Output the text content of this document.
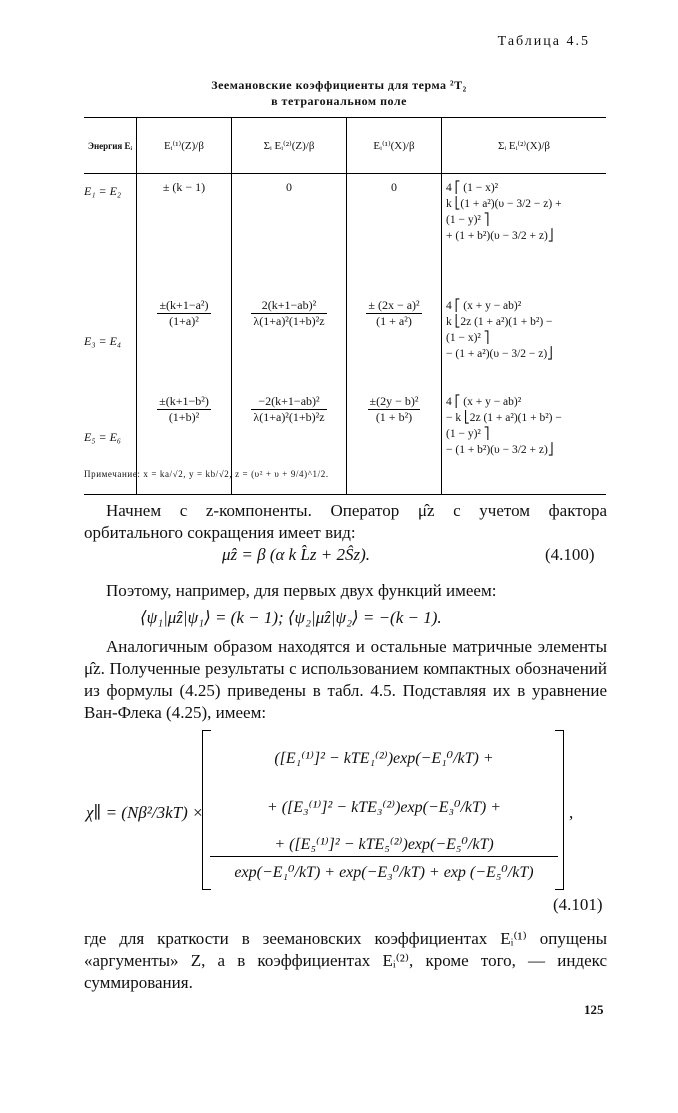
Таблица 4.5
Зеемановские коэффициенты для терма ²T₂
в тетрагональном поле
Энергия Eᵢ	Eᵢ⁽¹⁾(Z)/β	Σᵢ Eᵢ⁽²⁾(Z)/β	Eᵢ⁽¹⁾(X)/β	Σᵢ Eᵢ⁽²⁾(X)/β

E₁ = E₂	± (k − 1)	0	0	4 ⎡ (1 − x)²
k ⎣(1 + a²)(υ − 3/2 − z) +
(1 − y)² ⎤
+ (1 + b²)(υ − 3/2 + z)⎦

E₃ = E₄	$\frac{\text{±(k+1−a²)}}{\text{(1+a)²}}$	$\frac{\text{2(k+1−ab)²}}{\text{λ(1+a)²(1+b)²z}}$	$\frac{\text{± (2x − a)²}}{\text{(1 + a²)}}$	4 ⎡ (x + y − ab)²
k ⎣2z (1 + a²)(1 + b²) −
(1 − x)² ⎤
− (1 + a²)(υ − 3/2 − z)⎦

E₅ = E₆	$\frac{\text{±(k+1−b²)}}{\text{(1+b)²}}$	$\frac{\text{−2(k+1−ab)²}}{\text{λ(1+a)²(1+b)²z}}$	$\frac{\text{±(2y − b)²}}{\text{(1 + b²)}}$	4 ⎡ (x + y − ab)²
− k ⎣2z (1 + a²)(1 + b²) −
(1 − y)² ⎤
− (1 + b²)(υ − 3/2 + z)⎦
Примечание: x = ka/√2, y = kb/√2, z = (υ² + υ + 9/4)^1/2.

Начнем с z-компоненты. Оператор μ̂z с учетом фактора орбитального сокращения имеет вид:

μ̂z = β (α k L̂z + 2Ŝz).	(4.100)

Поэтому, например, для первых двух функций имеем:

⟨ψ₁|μ̂z|ψ₁⟩ = (k − 1); ⟨ψ₂|μ̂z|ψ₂⟩ = −(k − 1).

Аналогичным образом находятся и остальные матричные элементы μ̂z. Полученные результаты с использованием компактных обозначений из формулы (4.25) приведены в табл. 4.5. Подставляя их в уравнение Ван-Флека (4.25), имеем:

χ∥ = (Nβ²/3kT) ×
([E₁⁽¹⁾]² − kTE₁⁽²⁾)exp(−E₁⁰/kT) +
+ ([E₃⁽¹⁾]² − kTE₃⁽²⁾)exp(−E₃⁰/kT) +
+ ([E₅⁽¹⁾]² − kTE₅⁽²⁾)exp(−E₅⁰/kT)
exp(−E₁⁰/kT) + exp(−E₃⁰/kT) + exp (−E₅⁰/kT)
,
(4.101)

где для краткости в зеемановских коэффициентах Eᵢ⁽¹⁾ опущены «аргументы» Z, а в коэффициентах Eᵢ⁽²⁾, кроме того, — индекс суммирования.

125
